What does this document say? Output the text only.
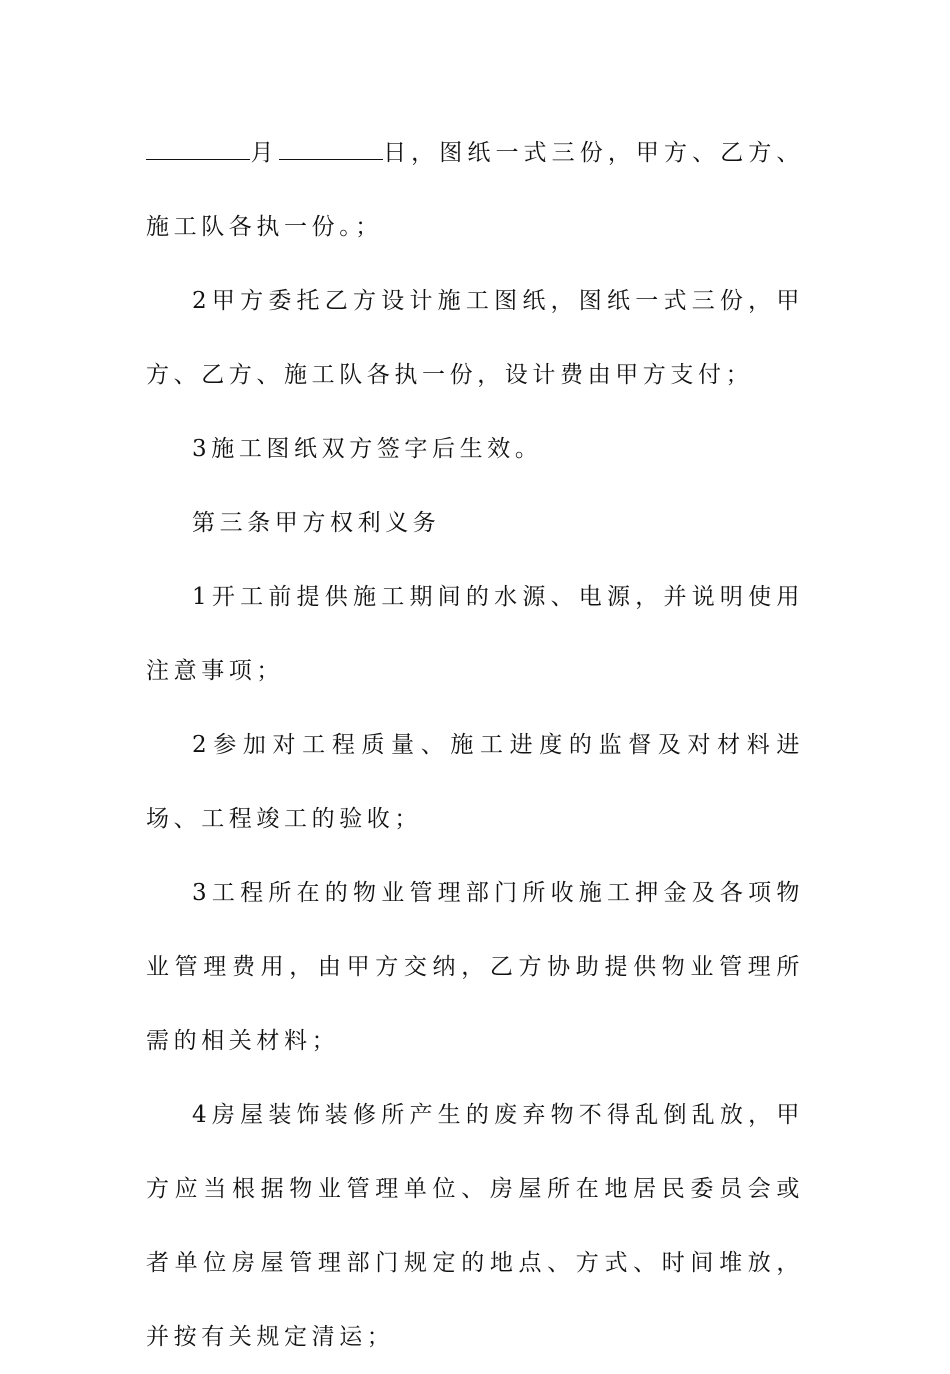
月	日，图纸一式三份，甲方、乙方、施工队各执一份。；

2甲方委托乙方设计施工图纸，图纸一式三份，甲方、乙方、施工队各执一份，设计费由甲方支付；

3施工图纸双方签字后生效。

第三条甲方权利义务

1开工前提供施工期间的水源、电源，并说明使用注意事项；

2参加对工程质量、施工进度的监督及对材料进场、工程竣工的验收；

3工程所在的物业管理部门所收施工押金及各项物业管理费用，由甲方交纳，乙方协助提供物业管理所需的相关材料；

4房屋装饰装修所产生的废弃物不得乱倒乱放，甲方应当根据物业管理单位、房屋所在地居民委员会或者单位房屋管理部门规定的地点、方式、时间堆放，并按有关规定清运；
